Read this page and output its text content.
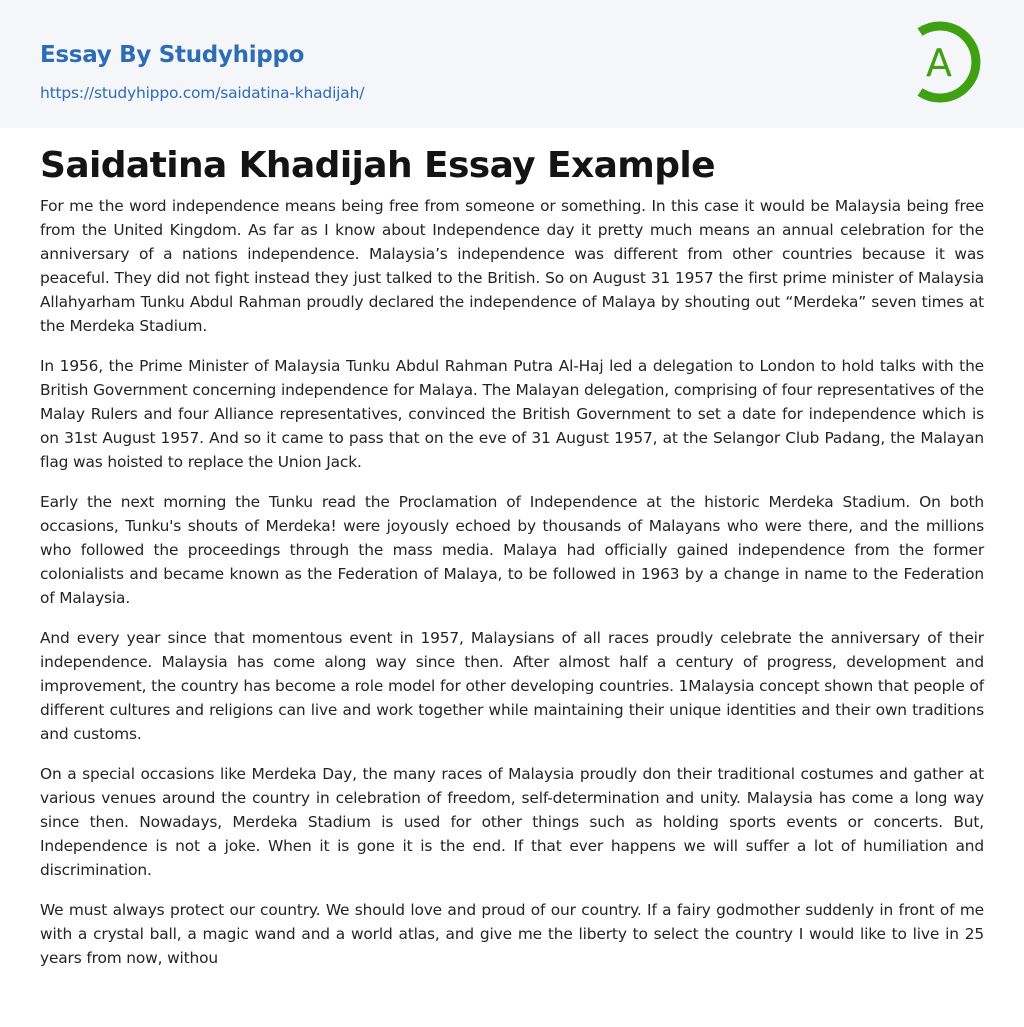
Essay By Studyhippo
https://studyhippo.com/saidatina-khadijah/
A
Saidatina Khadijah Essay Example

For me the word independence means being free from someone or something. In this case it would be Malaysia being free from the United Kingdom. As far as I know about Independence day it pretty much means an annual celebration for the anniversary of a nations independence. Malaysia’s independence was different from other countries because it was peaceful. They did not fight instead they just talked to the British. So on August 31 1957 the first prime minister of Malaysia Allahyarham Tunku Abdul Rahman proudly declared the independence of Malaya by shouting out “Merdeka” seven times at the Merdeka Stadium.

In 1956, the Prime Minister of Malaysia Tunku Abdul Rahman Putra Al-Haj led a delegation to London to hold talks with the British Government concerning independence for Malaya. The Malayan delegation, comprising of four representatives of the Malay Rulers and four Alliance representatives, convinced the British Government to set a date for independence which is on 31st August 1957. And so it came to pass that on the eve of 31 August 1957, at the Selangor Club Padang, the Malayan flag was hoisted to replace the Union Jack.

Early the next morning the Tunku read the Proclamation of Independence at the historic Merdeka Stadium. On both occasions, Tunku's shouts of Merdeka! were joyously echoed by thousands of Malayans who were there, and the millions who followed the proceedings through the mass media. Malaya had officially gained independence from the former colonialists and became known as the Federation of Malaya, to be followed in 1963 by a change in name to the Federation of Malaysia.

And every year since that momentous event in 1957, Malaysians of all races proudly celebrate the anniversary of their independence. Malaysia has come along way since then. After almost half a century of progress, development and improvement, the country has become a role model for other developing countries. 1Malaysia concept shown that people of different cultures and religions can live and work together while maintaining their unique identities and their own traditions and customs.

On a special occasions like Merdeka Day, the many races of Malaysia proudly don their traditional costumes and gather at various venues around the country in celebration of freedom, self-determination and unity. Malaysia has come a long way since then. Nowadays, Merdeka Stadium is used for other things such as holding sports events or concerts. But, Independence is not a joke. When it is gone it is the end. If that ever happens we will suffer a lot of humiliation and discrimination.

We must always protect our country. We should love and proud of our country. If a fairy godmother suddenly in front of me with a crystal ball, a magic wand and a world atlas, and give me the liberty to select the country I would like to live in 25 years from now, withou
